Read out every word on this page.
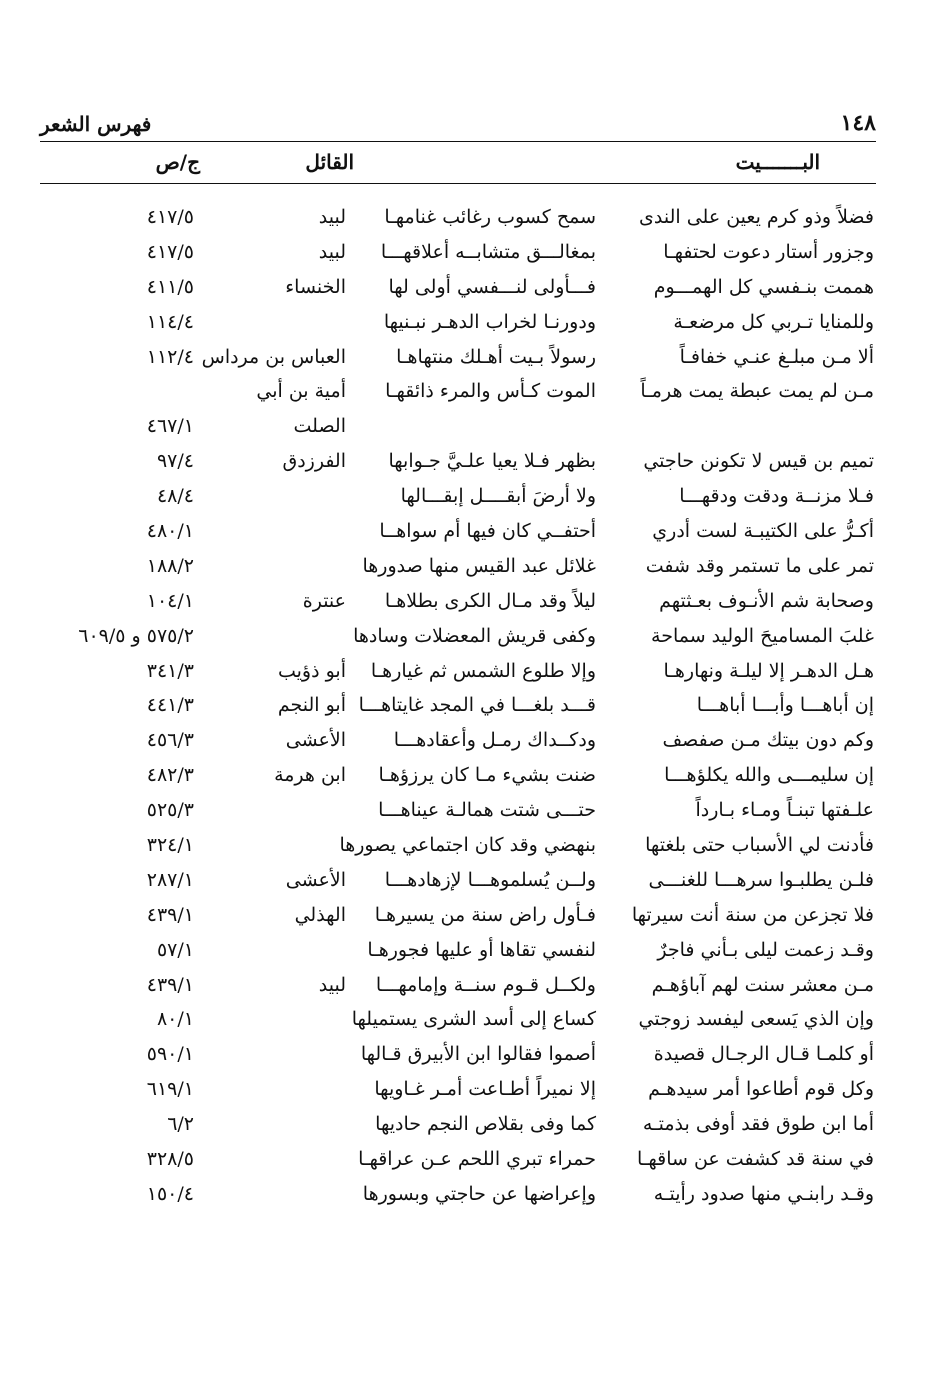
١٤٨
فهرس الشعر
البـــــــيت
القائل
ج/ص
فضلاً وذو كرم يعين على الندى
سمح كسوب رغائب غنامهـا
لبيد
٤١٧/٥
وجزور أستار دعوت لحتفهـا
بمغالـــق متشابــه أعلاقهـــا
لبيد
٤١٧/٥
هممت بنـفسي كل الهمـــوم
فـــأولى لنـــفسي أولى لها
الخنساء
٤١١/٥
وللمنايا تـربي كل مرضعـة
ودورنـا لخراب الدهـر نبـنيها
١١٤/٤
ألا مـن مبلـغ عنـي خفافـاً
رسولاً بـيت أهـلك منتهاهـا
العباس بن مرداس
١١٢/٤
مـن لم يمت عبطة يمت هرمـاً
الموت كـأس والمرء ذائقهـا
أمية بن أبي
الصلت
٤٦٧/١
تميم بن قيس لا تكونن حاجتي
بظهر فـلا يعيا علـيَّ جـوابها
الفرزدق
٩٧/٤
فـلا مزنــة ودقت ودقهـــا
ولا أرضَ أبقــــل إبقـــالها
٤٨/٤
أكـرُّ على الكتيبـة لست أدري
أحتفــي كان فيها أم سواهــا
٤٨٠/١
تمر على ما تستمر وقد شفت
غلائل عبد القيس منها صدورها
١٨٨/٢
وصحابة شم الأنـوف بعـثتهم
ليلاً وقد مـال الكرى بطلاهـا
عنترة
١٠٤/١
غلبَ المساميحَ الوليد سماحة
وكفى قريش المعضلات وسادها
٥٧٥/٢ و ٦٠٩/٥
هـل الدهـر إلا ليلـة ونهارهـا
وإلا طلوع الشمس ثم غيارهـا
أبو ذؤيب
٣٤١/٣
إن أباهـــا وأبـــا أباهـــا
قـــد بلغـــا في المجد غايتاهـــا
أبو النجم
٤٤١/٣
وكم دون بيتك مـن صفصف
ودكــداك رمـل وأعقادهـــا
الأعشى
٤٥٦/٣
إن سليمـــى والله يكلؤهـــا
ضنت بشيء مـا كان يرزؤهـا
ابن هرمة
٤٨٢/٣
علـفتها تبنـاً ومـاء بـارداً
حتـــى شتت همالـة عيناهـــا
٥٢٥/٣
فأدنت لي الأسباب حتى بلغتها
بنهضي وقد كان اجتماعي يصورها
٣٢٤/١
فلـن يطلبـوا سرهـــا للغنـــى
ولــن يُسلموهـــا لإزهادهـــا
الأعشى
٢٨٧/١
فلا تجزعن من سنة أنت سيرتها
فـأول راض سنة من يسيرهـا
الهذلي
٤٣٩/١
وقـد زعمت ليلى بـأني فاجرٌ
لنفسي تقاها أو عليها فجورهـا
٥٧/١
مـن معشر سنت لهم آباؤهـم
ولكــل قـوم سنــة وإمامهـــا
لبيد
٤٣٩/١
وإن الذي يَسعى ليفسد زوجتي
كساع إلى أسد الشرى يستميلها
٨٠/١
أو كلمـا قـال الرجـال قصيدة
أصموا فقالوا ابن الأبيرق قـالها
٥٩٠/١
وكل قوم أطاعوا أمر سيدهـم
إلا نميراً أطـاعت أمـر غـاويها
٦١٩/١
أما ابن طوق فقد أوفى بذمتـه
كما وفى بقلاص النجم حاديها
٦/٢
في سنة قد كشفت عن ساقهـا
حمراء تبري اللحم عـن عراقهـا
٣٢٨/٥
وقـد رابنـي منها صدود رأيتـه
وإعراضها عن حاجتي وبسورها
١٥٠/٤
